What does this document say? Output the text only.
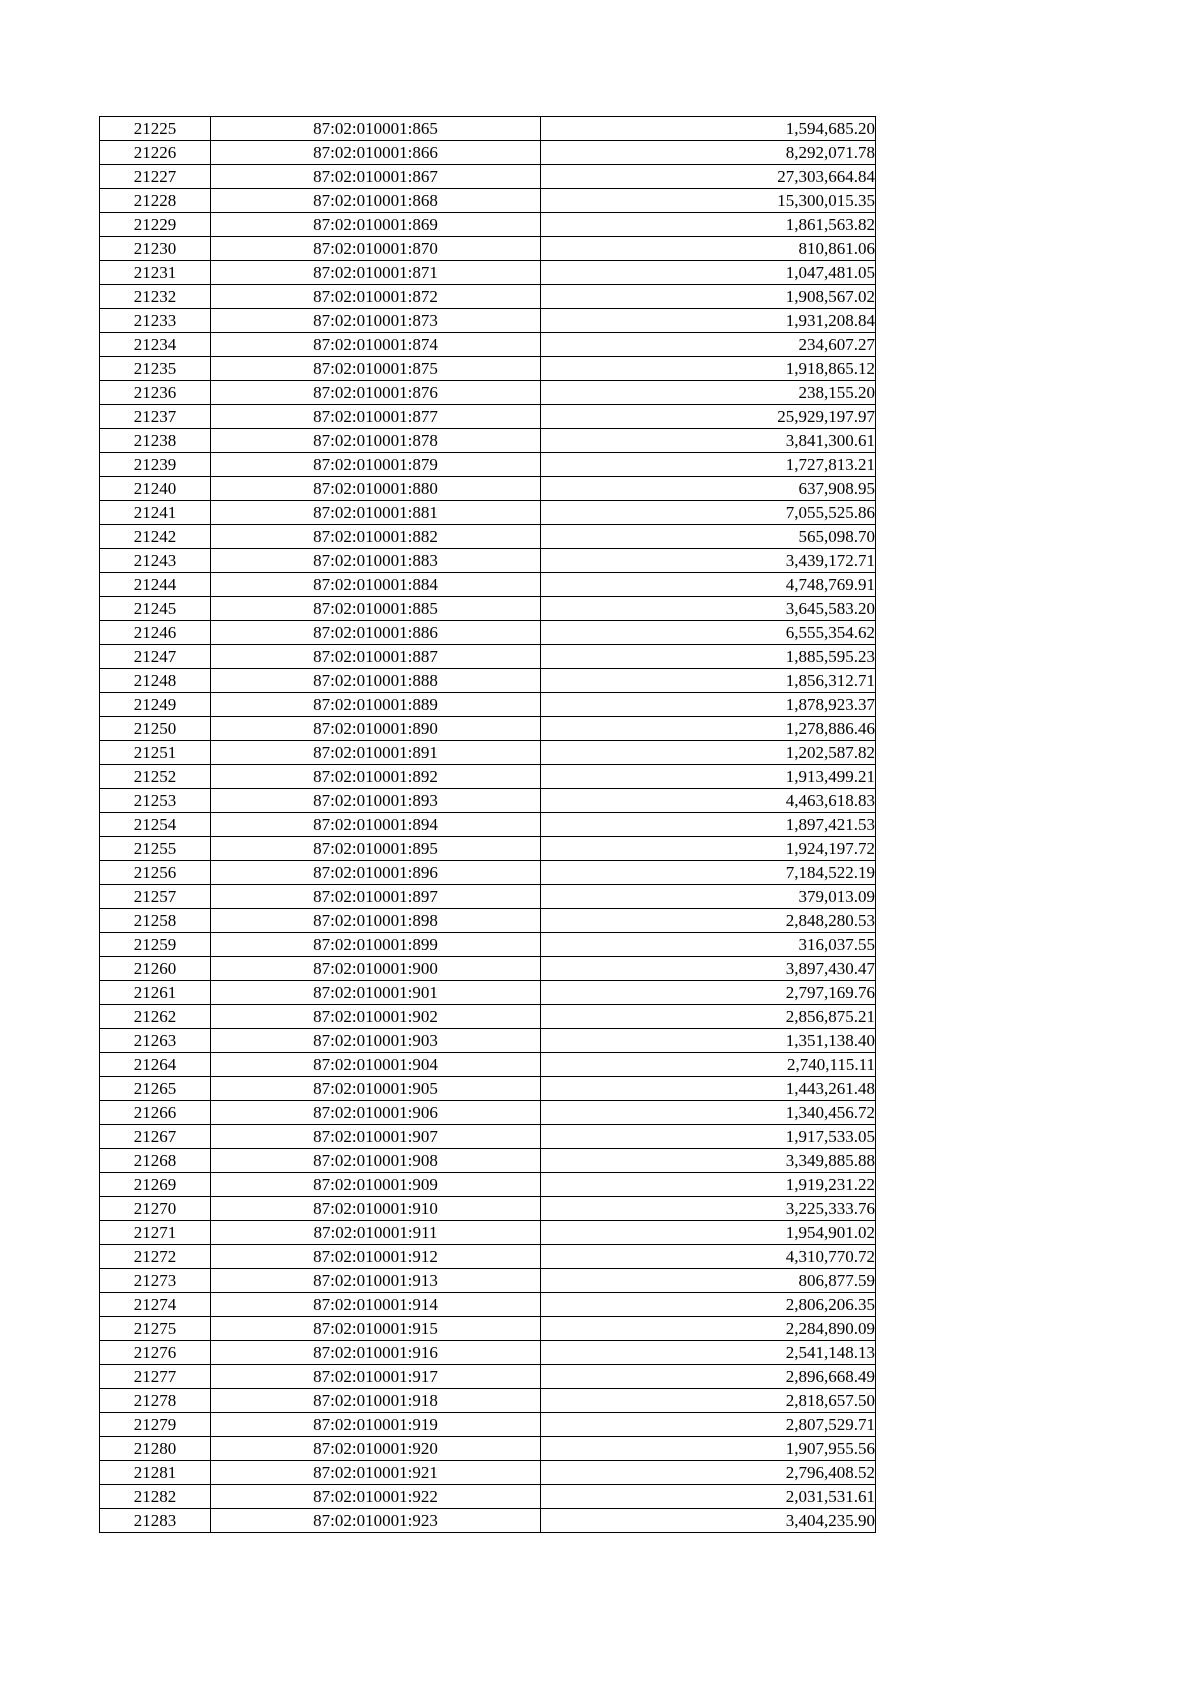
21225	87:02:010001:865	1,594,685.20
21226	87:02:010001:866	8,292,071.78
21227	87:02:010001:867	27,303,664.84
21228	87:02:010001:868	15,300,015.35
21229	87:02:010001:869	1,861,563.82
21230	87:02:010001:870	810,861.06
21231	87:02:010001:871	1,047,481.05
21232	87:02:010001:872	1,908,567.02
21233	87:02:010001:873	1,931,208.84
21234	87:02:010001:874	234,607.27
21235	87:02:010001:875	1,918,865.12
21236	87:02:010001:876	238,155.20
21237	87:02:010001:877	25,929,197.97
21238	87:02:010001:878	3,841,300.61
21239	87:02:010001:879	1,727,813.21
21240	87:02:010001:880	637,908.95
21241	87:02:010001:881	7,055,525.86
21242	87:02:010001:882	565,098.70
21243	87:02:010001:883	3,439,172.71
21244	87:02:010001:884	4,748,769.91
21245	87:02:010001:885	3,645,583.20
21246	87:02:010001:886	6,555,354.62
21247	87:02:010001:887	1,885,595.23
21248	87:02:010001:888	1,856,312.71
21249	87:02:010001:889	1,878,923.37
21250	87:02:010001:890	1,278,886.46
21251	87:02:010001:891	1,202,587.82
21252	87:02:010001:892	1,913,499.21
21253	87:02:010001:893	4,463,618.83
21254	87:02:010001:894	1,897,421.53
21255	87:02:010001:895	1,924,197.72
21256	87:02:010001:896	7,184,522.19
21257	87:02:010001:897	379,013.09
21258	87:02:010001:898	2,848,280.53
21259	87:02:010001:899	316,037.55
21260	87:02:010001:900	3,897,430.47
21261	87:02:010001:901	2,797,169.76
21262	87:02:010001:902	2,856,875.21
21263	87:02:010001:903	1,351,138.40
21264	87:02:010001:904	2,740,115.11
21265	87:02:010001:905	1,443,261.48
21266	87:02:010001:906	1,340,456.72
21267	87:02:010001:907	1,917,533.05
21268	87:02:010001:908	3,349,885.88
21269	87:02:010001:909	1,919,231.22
21270	87:02:010001:910	3,225,333.76
21271	87:02:010001:911	1,954,901.02
21272	87:02:010001:912	4,310,770.72
21273	87:02:010001:913	806,877.59
21274	87:02:010001:914	2,806,206.35
21275	87:02:010001:915	2,284,890.09
21276	87:02:010001:916	2,541,148.13
21277	87:02:010001:917	2,896,668.49
21278	87:02:010001:918	2,818,657.50
21279	87:02:010001:919	2,807,529.71
21280	87:02:010001:920	1,907,955.56
21281	87:02:010001:921	2,796,408.52
21282	87:02:010001:922	2,031,531.61
21283	87:02:010001:923	3,404,235.90
